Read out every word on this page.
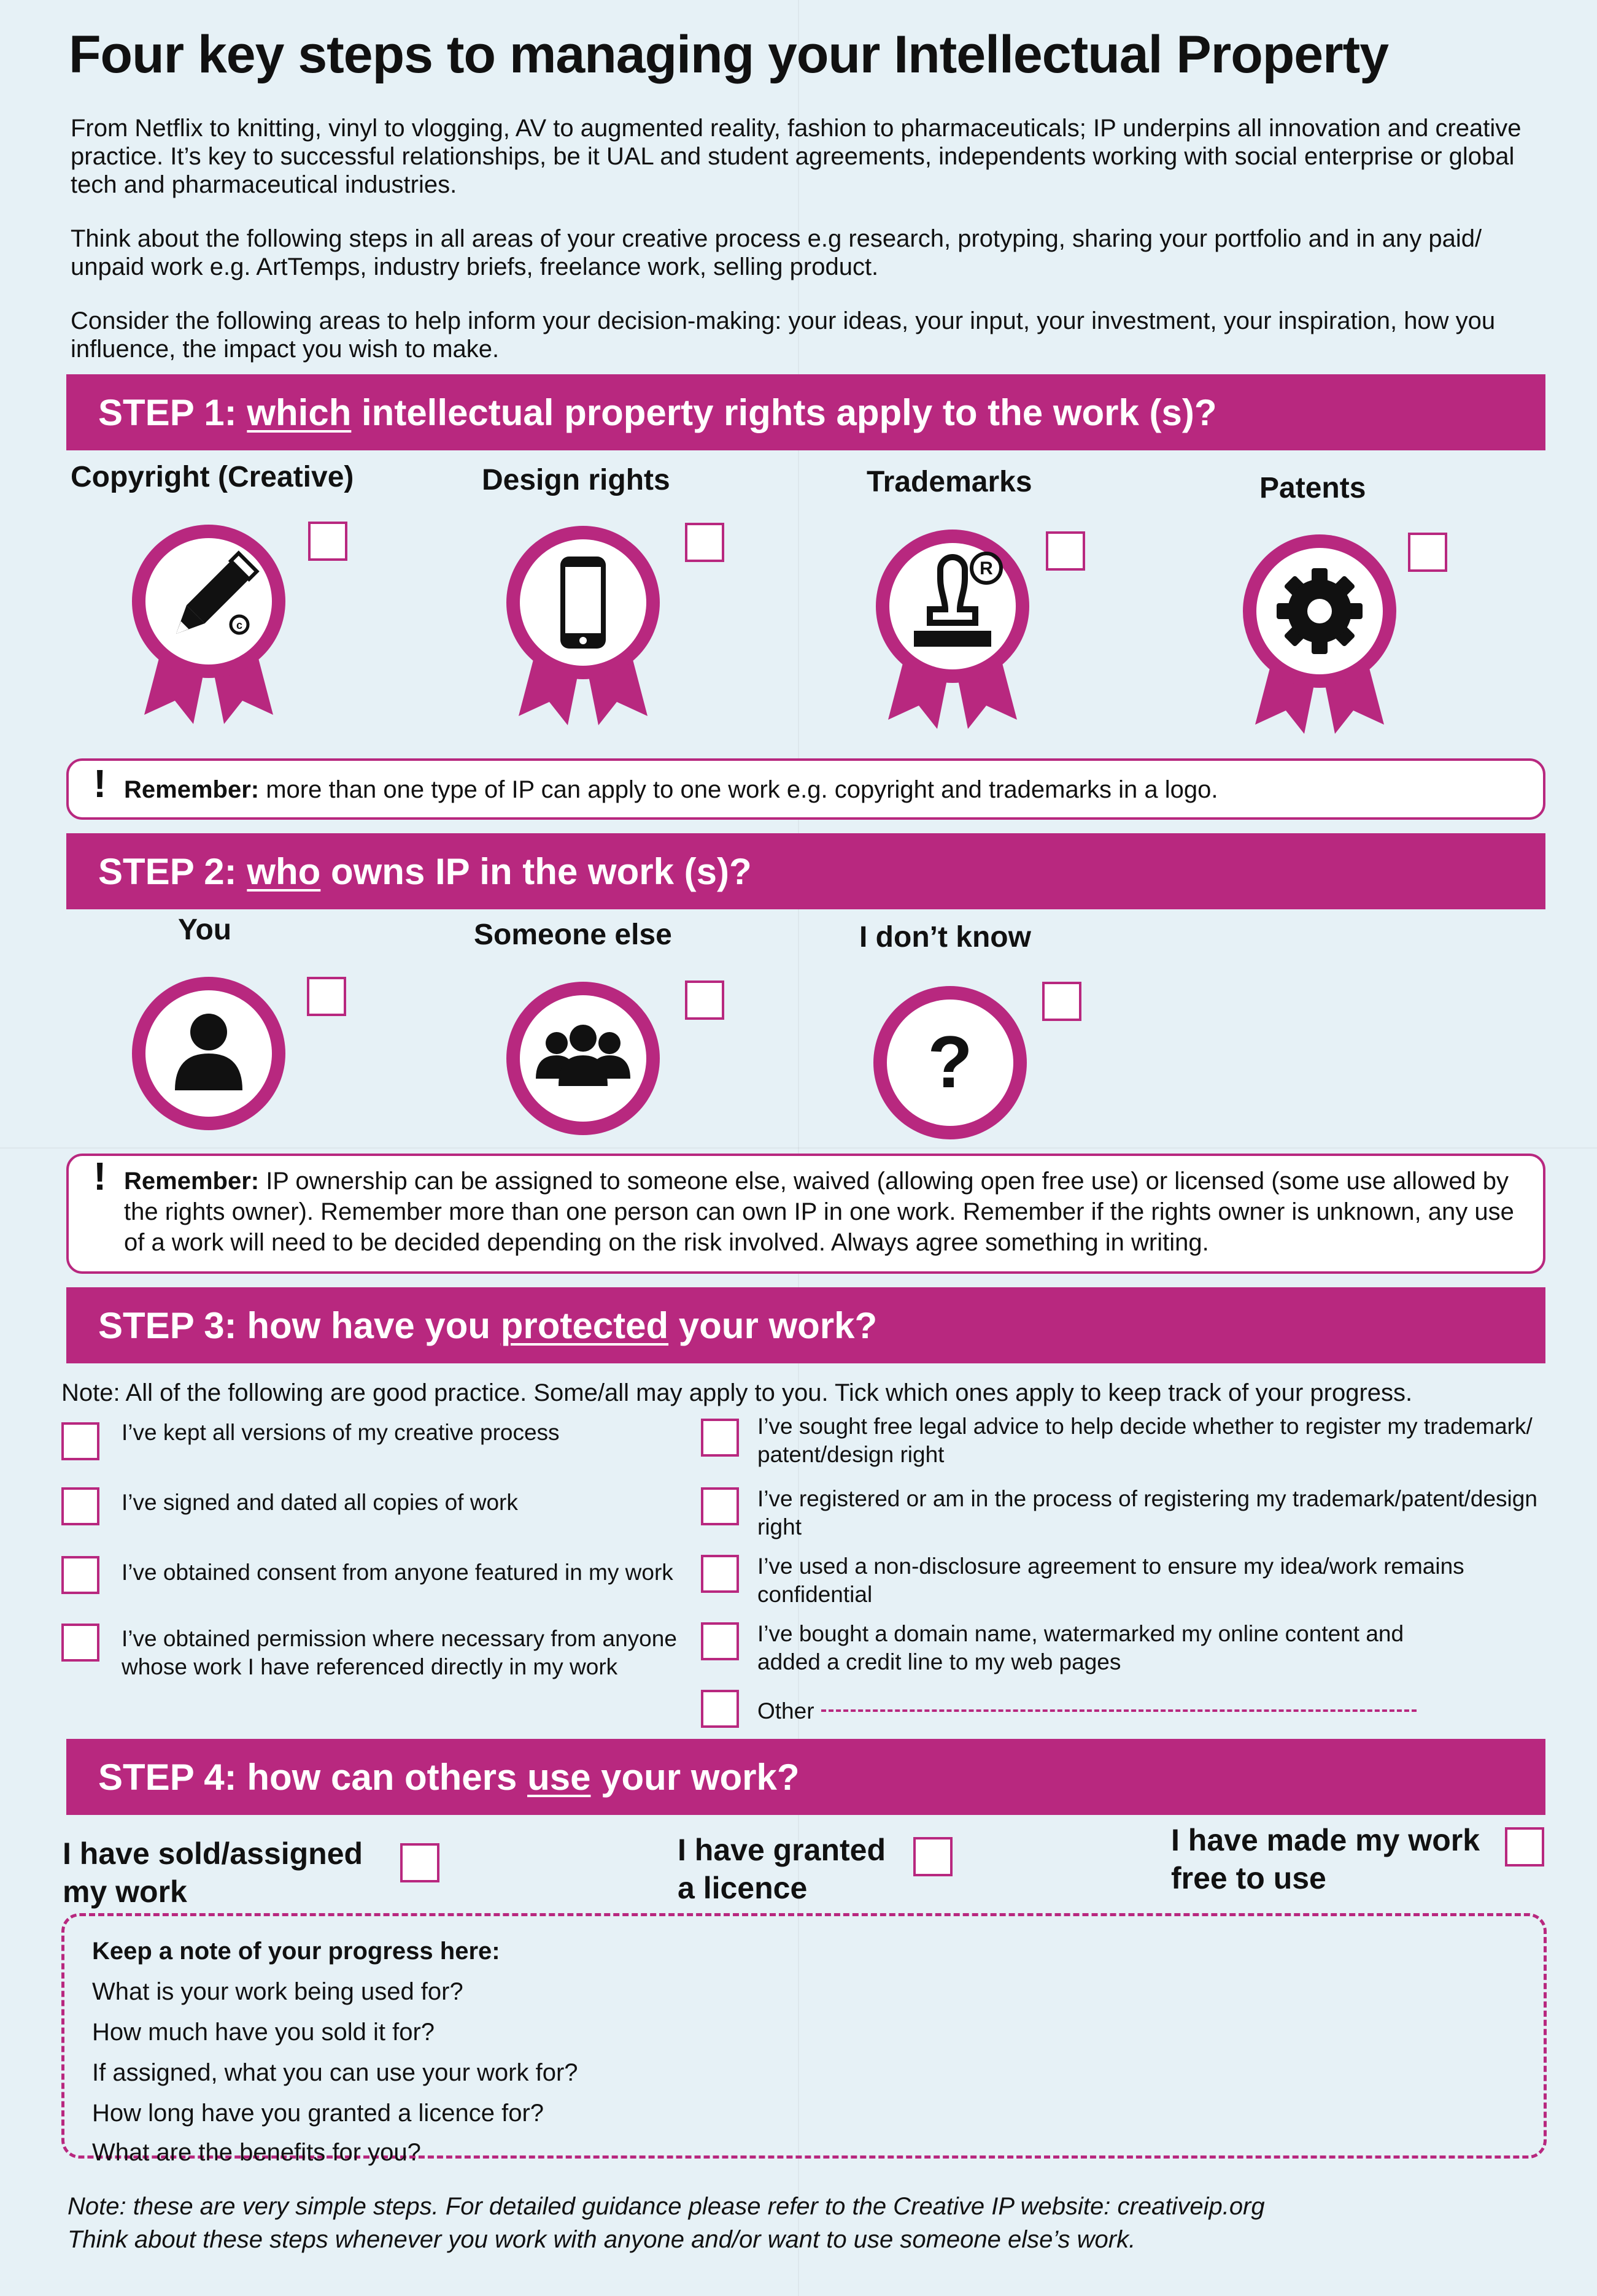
Four key steps to managing your Intellectual Property

From Netflix to knitting, vinyl to vlogging, AV to augmented reality, fashion to pharmaceuticals; IP underpins all innovation and creative practice. It’s key to successful relationships, be it UAL and student agreements, independents working with social enterprise or global tech and pharmaceutical industries.

Think about the following steps in all areas of your creative process e.g research, protyping, sharing your portfolio and in any paid/ unpaid work e.g. ArtTemps, industry briefs, freelance work, selling product.

Consider the following areas to help inform your decision-making: your ideas, your input, your investment, your inspiration, how you influence, the impact you wish to make.

STEP 1: which intellectual property rights apply to the work (s)?
Copyright (Creative)	Design rights	Trademarks	Patents
c
R
! Remember: more than one type of IP can apply to one work e.g. copyright and trademarks in a logo.
STEP 2: who owns IP in the work (s)?
You	Someone else	I don’t know
?
! Remember: IP ownership can be assigned to someone else, waived (allowing open free use) or licensed (some use allowed by the rights owner). Remember more than one person can own IP in one work. Remember if the rights owner is unknown, any use of a work will need to be decided depending on the risk involved. Always agree something in writing.
STEP 3: how have you protected your work?
Note: All of the following are good practice. Some/all may apply to you. Tick which ones apply to keep track of your progress.
I’ve kept all versions of my creative process
I’ve signed and dated all copies of work
I’ve obtained consent from anyone featured in my work
I’ve obtained permission where necessary from anyone whose work I have referenced directly in my work
I’ve sought free legal advice to help decide whether to register my trademark/ patent/design right
I’ve registered or am in the process of registering my trademark/patent/design right
I’ve used a non-disclosure agreement to ensure my idea/work remains confidential
I’ve bought a domain name, watermarked my online content and added a credit line to my web pages
Other
STEP 4: how can others use your work?
I have sold/assigned my work
I have granted a licence
I have made my work free to use
Keep a note of your progress here:
What is your work being used for?
How much have you sold it for?
If assigned, what you can use your work for?
How long have you granted a licence for?
What are the benefits for you?
Note: these are very simple steps. For detailed guidance please refer to the Creative IP website: creativeip.org
Think about these steps whenever you work with anyone and/or want to use someone else’s work.
